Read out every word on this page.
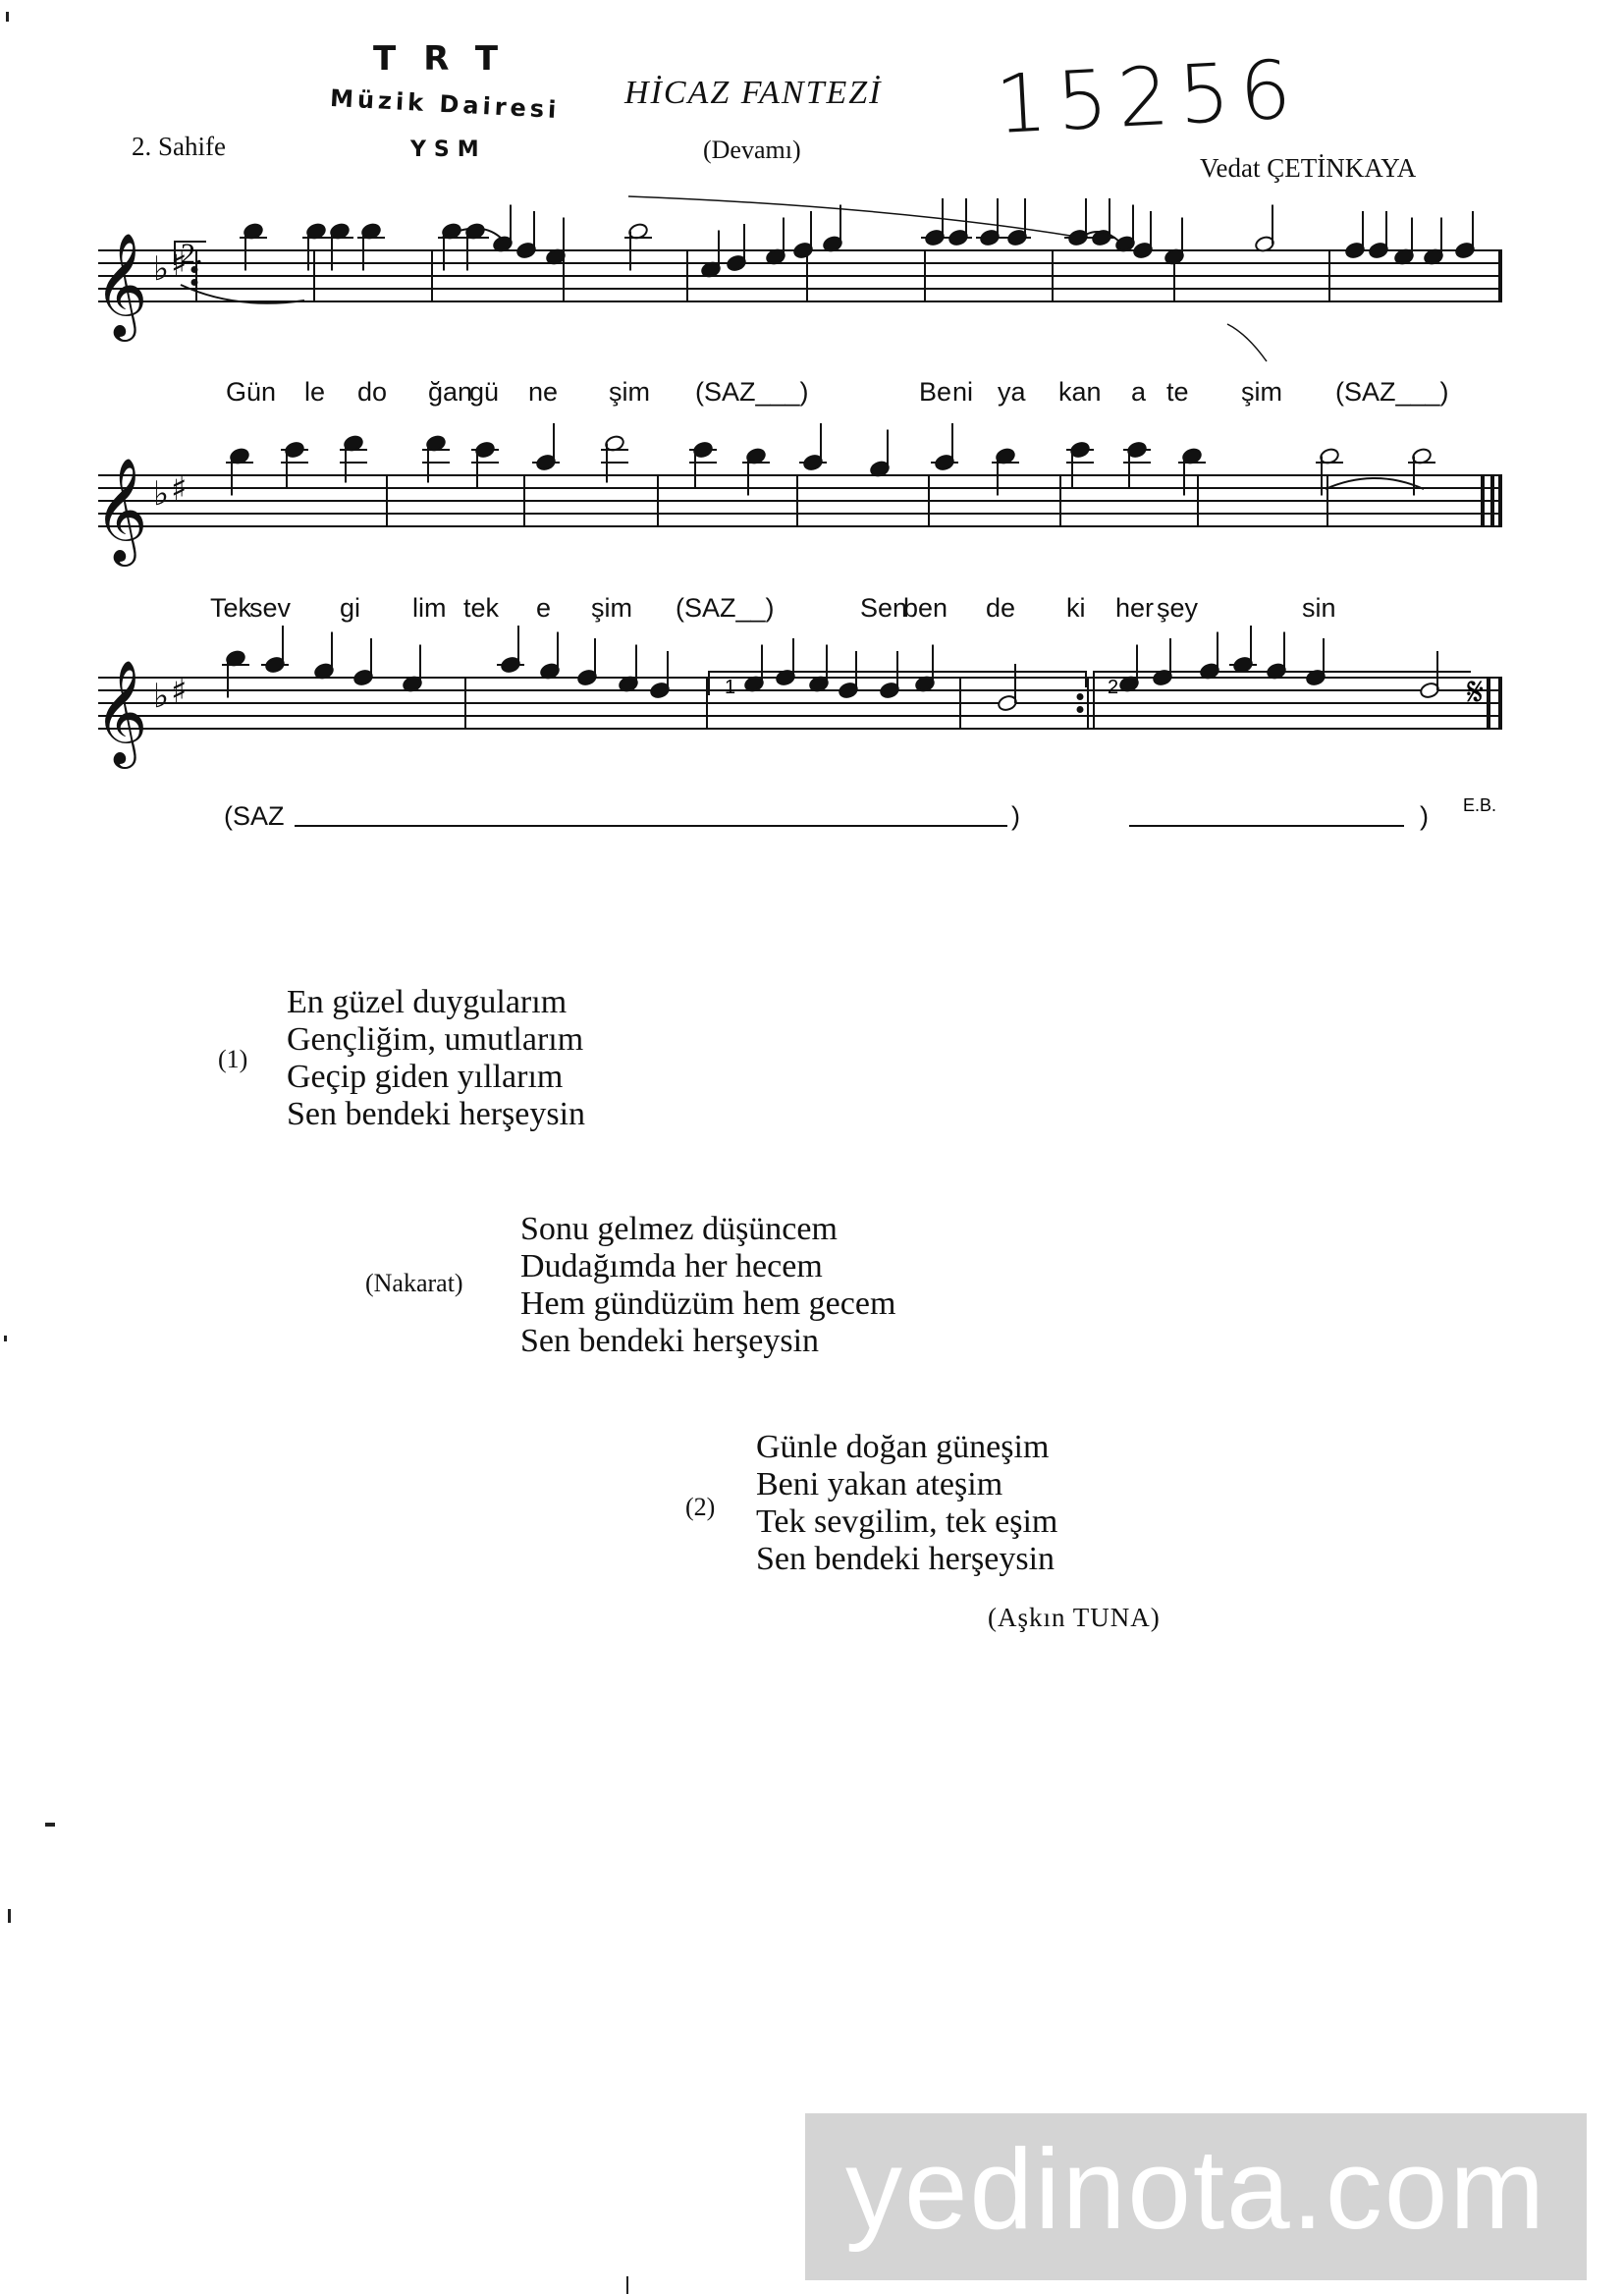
TRT
Müzik Dairesi
YSM
HİCAZ FANTEZİ
(Devamı)
2. Sahife
Vedat ÇETİNKAYA
15256
𝄞 ♭ ♯
𝄞 ♭ ♯
𝄞 ♭ ♯
2.
1	2	𝄋
E.B.
Gün le do ğan
gü ne şim (SAZ___)	Be ni ya kan a te şim (SAZ___)
Tek
sev gi lim tek e şim (SAZ__)	Sen
ben de ki her şey	sin
(SAZ	)	)
(1)
En güzel duygularım
Gençliğim, umutlarım
Geçip giden yıllarım
Sen bendeki herşeysin
(Nakarat)
Sonu gelmez düşüncem
Dudağımda her hecem
Hem gündüzüm hem gecem
Sen bendeki herşeysin
(2)
Günle doğan güneşim
Beni yakan ateşim
Tek sevgilim, tek eşim
Sen bendeki herşeysin
(Aşkın TUNA)
yedinota.com
